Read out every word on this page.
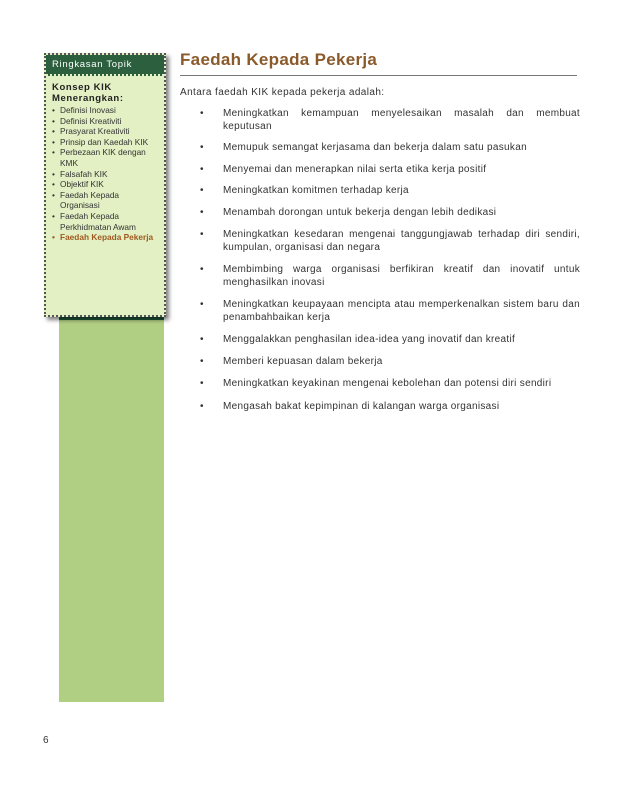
Ringkasan Topik
Konsep KIK Menerangkan:
• Definisi Inovasi
• Definisi Kreativiti
• Prasyarat Kreativiti
• Prinsip dan Kaedah KIK
• Perbezaan KIK dengan KMK
• Falsafah KIK
• Objektif KIK
• Faedah Kepada Organisasi
• Faedah Kepada Perkhidmatan Awam
• Faedah Kepada Pekerja
Faedah Kepada Pekerja
Antara faedah KIK kepada pekerja adalah:
• Meningkatkan kemampuan menyelesaikan masalah dan membuat keputusan
• Memupuk semangat kerjasama dan bekerja dalam satu pasukan
• Menyemai dan menerapkan nilai serta etika kerja positif
• Meningkatkan komitmen terhadap kerja
• Menambah dorongan untuk bekerja dengan lebih dedikasi
• Meningkatkan kesedaran mengenai tanggungjawab terhadap diri sendiri, kumpulan, organisasi dan negara
• Membimbing warga organisasi berfikiran kreatif dan inovatif untuk menghasilkan inovasi
• Meningkatkan keupayaan mencipta atau memperkenalkan sistem baru dan penambahbaikan kerja
• Menggalakkan penghasilan idea-idea yang inovatif dan kreatif
• Memberi kepuasan dalam bekerja
• Meningkatkan keyakinan mengenai kebolehan dan potensi diri sendiri
• Mengasah bakat kepimpinan di kalangan warga organisasi
6
